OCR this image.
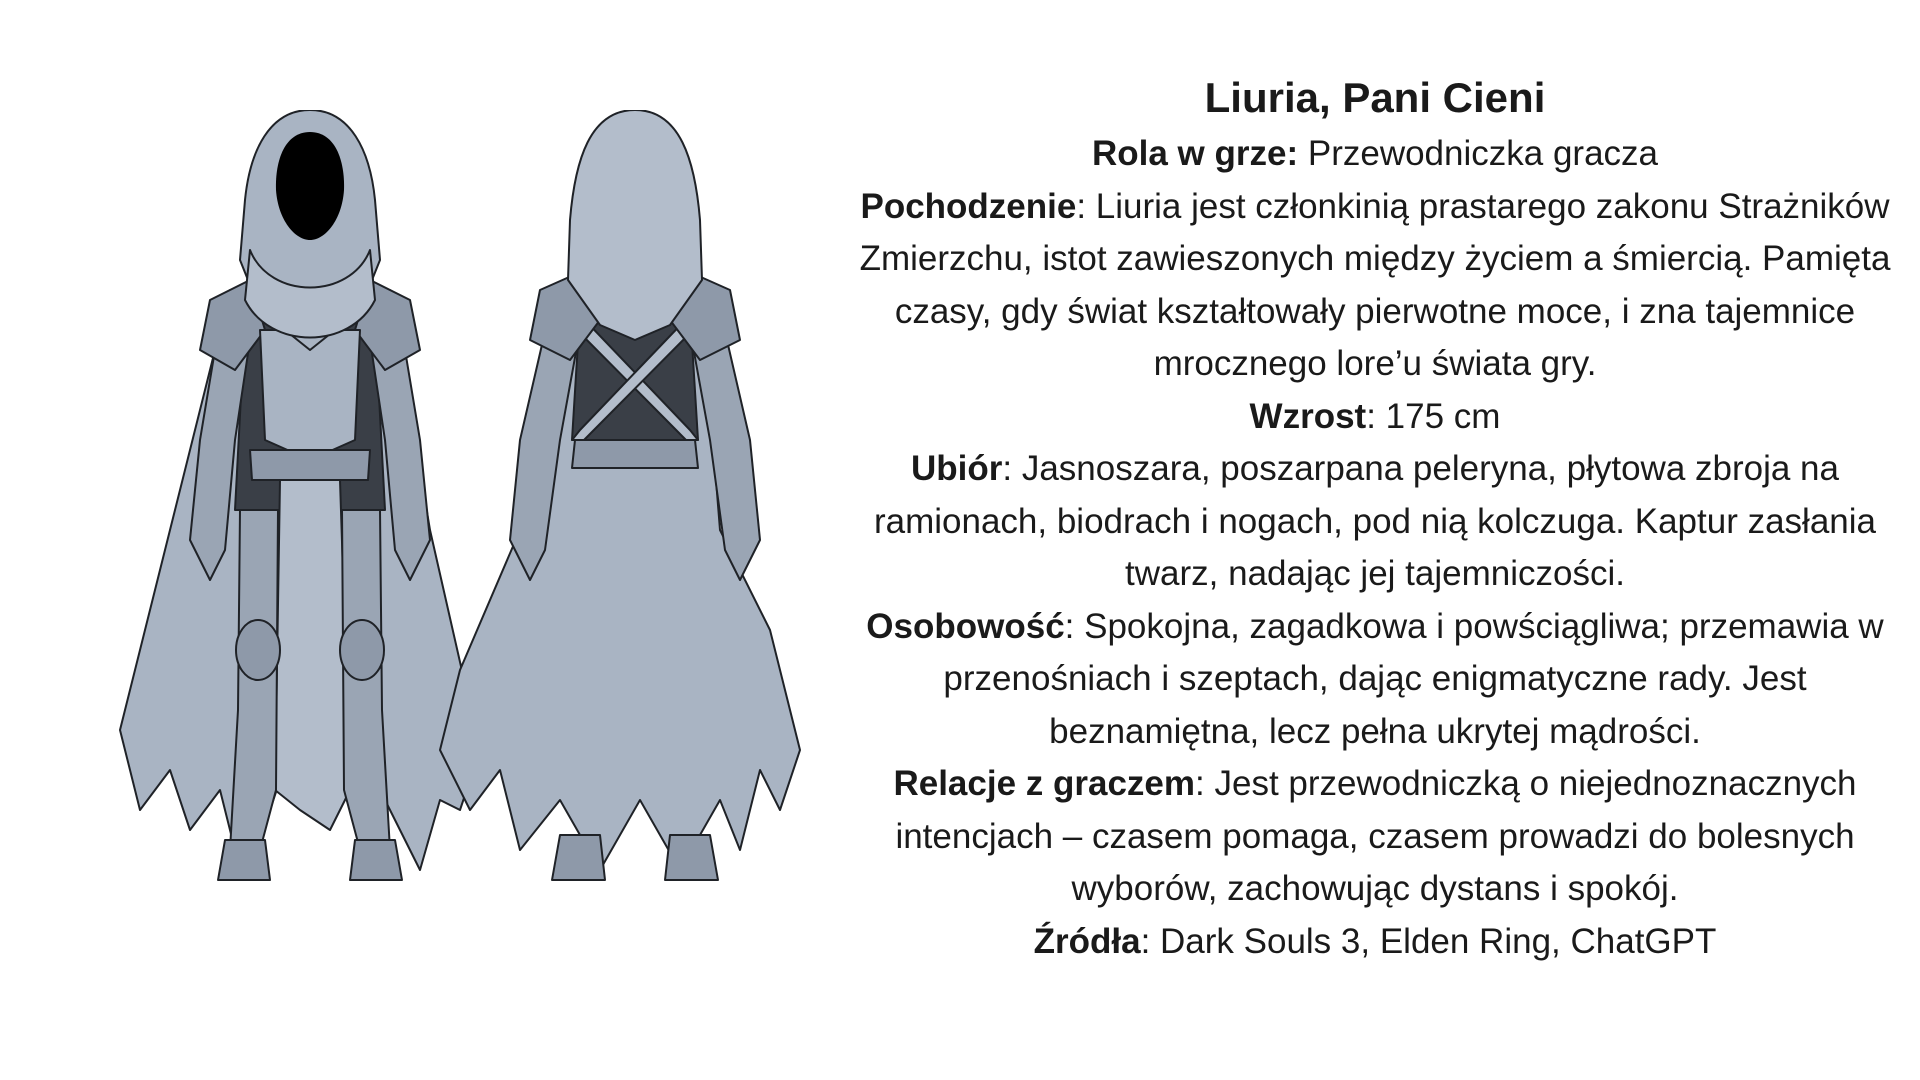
Liuria, Pani Cieni

Rola w grze: Przewodniczka gracza

Pochodzenie: Liuria jest członkinią prastarego zakonu Strażników Zmierzchu, istot zawieszonych między życiem a śmiercią. Pamięta czasy, gdy świat kształtowały pierwotne moce, i zna tajemnice mrocznego lore’u świata gry.

Wzrost: 175 cm

Ubiór: Jasnoszara, poszarpana peleryna, płytowa zbroja na ramionach, biodrach i nogach, pod nią kolczuga. Kaptur zasłania twarz, nadając jej tajemniczości.

Osobowość: Spokojna, zagadkowa i powściągliwa; przemawia w przenośniach i szeptach, dając enigmatyczne rady. Jest beznamiętna, lecz pełna ukrytej mądrości.

Relacje z graczem: Jest przewodniczką o niejednoznacznych intencjach – czasem pomaga, czasem prowadzi do bolesnych wyborów, zachowując dystans i spokój.

Źródła: Dark Souls 3, Elden Ring, ChatGPT
